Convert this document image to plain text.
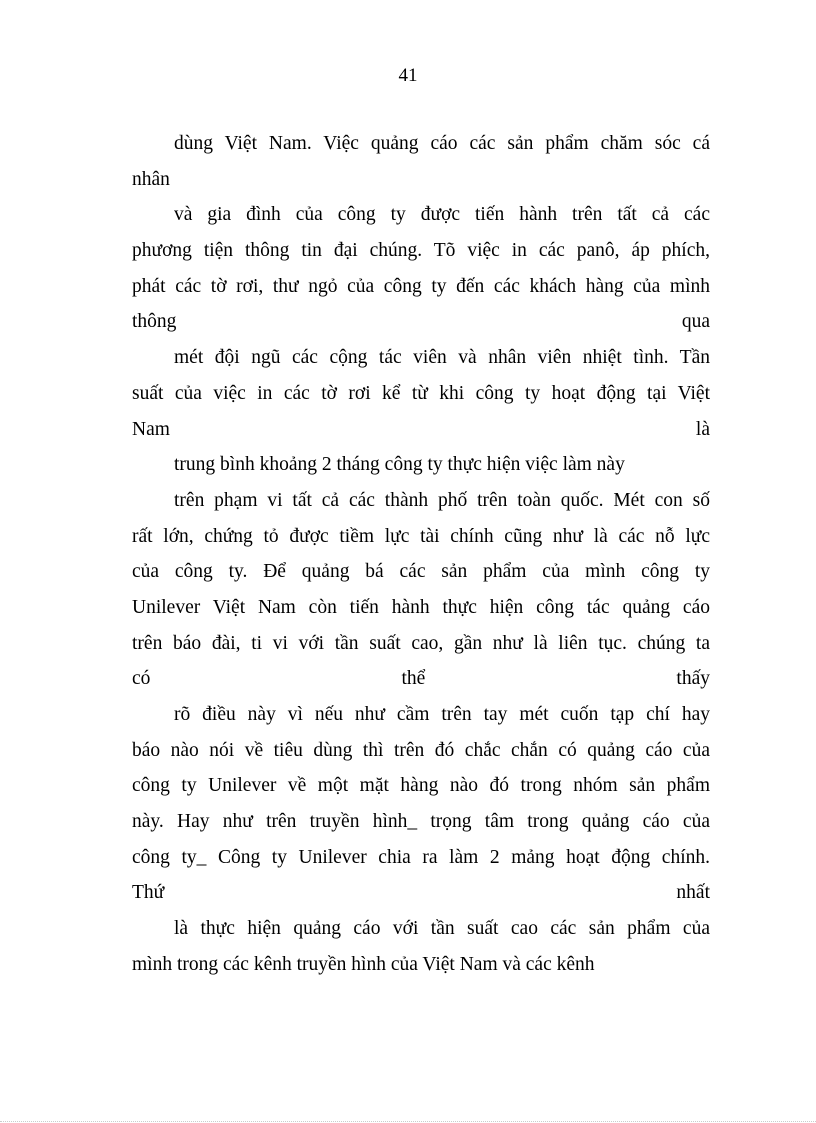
41
dùng Việt Nam. Việc quảng cáo các sản phẩm chăm sóc cá
nhân
và gia đình của công ty được tiến hành trên tất cả các
phương tiện thông tin đại chúng. Tõ việc in các panô, áp phích,
phát các tờ rơi, thư ngỏ của công ty đến các khách hàng của mình
thông	qua
mét đội ngũ các cộng tác viên và nhân viên nhiệt tình. Tần
suất của việc in các tờ rơi kể từ khi công ty hoạt động tại Việt
Nam	là
trung bình khoảng 2 tháng công ty thực hiện việc làm này
trên phạm vi tất cả các thành phố trên toàn quốc. Mét con số
rất lớn, chứng tỏ được tiềm lực tài chính cũng như là các nỗ lực
của công ty. Để quảng bá các sản phẩm của mình công ty
Unilever Việt Nam còn tiến hành thực hiện công tác quảng cáo
trên báo đài, ti vi với tần suất cao, gần như là liên tục. chúng ta
có	thể	thấy
rõ điều này vì nếu như cầm trên tay mét cuốn tạp chí hay
báo nào nói về tiêu dùng thì trên đó chắc chắn có quảng cáo của
công ty Unilever về một mặt hàng nào đó trong nhóm sản phẩm
này. Hay như trên truyền hình_ trọng tâm trong quảng cáo của
công ty_ Công ty Unilever chia ra làm 2 mảng hoạt động chính.
Thứ	nhất
là thực hiện quảng cáo với tần suất cao các sản phẩm của
mình trong các kênh truyền hình của Việt Nam và các kênh
